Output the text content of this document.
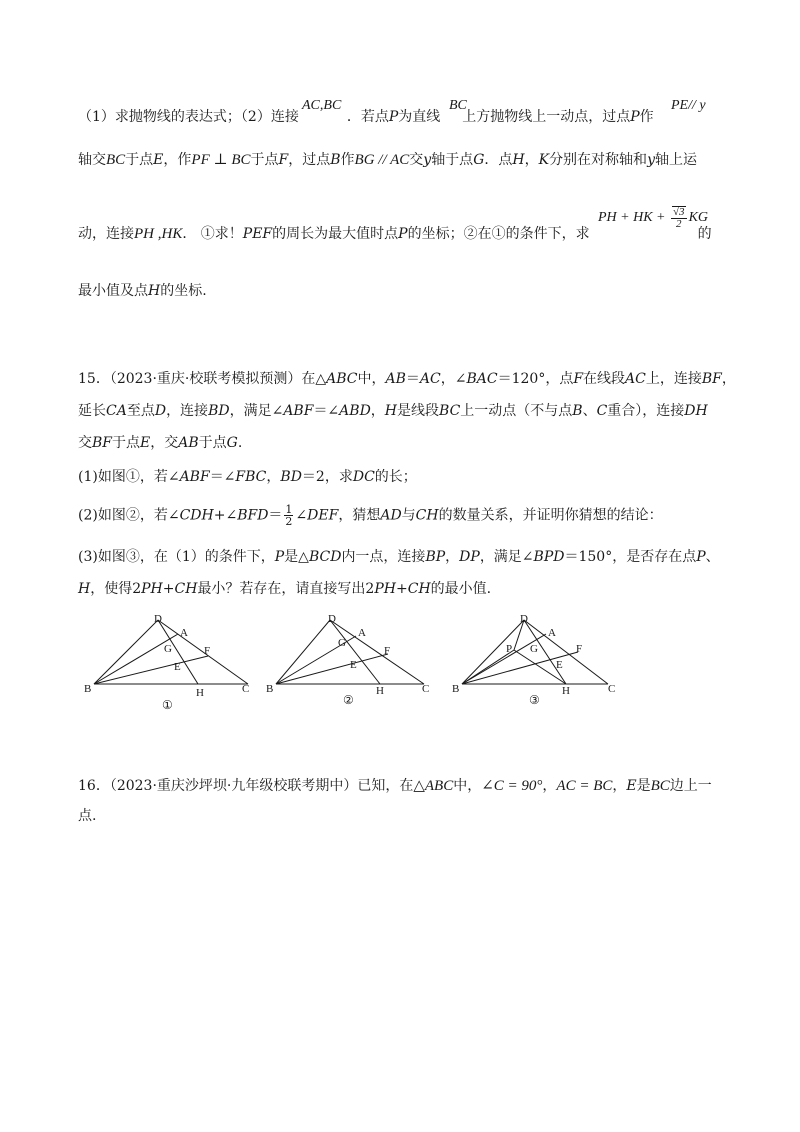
AC,BC	BC	PE// y
（1）求抛物线的表达式；（2）连接	．若点P为直线 上方抛物线上一动点，过点P作
轴交BC于点E，作PF ⊥ BC于点F，过点B作BG // AC交y轴于点G．点H，K分别在对称轴和y轴上运
PH + HK + $\frac{√3}{2}$ KG
动，连接PH ,HK． ①求！PEF的周长为最大值时点P的坐标；②在①的条件下，求	的
最小值及点H的坐标.
15．（2023·重庆·校联考模拟预测）在△ABC中，AB＝AC，∠BAC＝120°，点F在线段AC上，连接BF，
延长CA至点D，连接BD，满足∠ABF＝∠ABD，H是线段BC上一动点（不与点B、C重合），连接DH
交BF于点E，交AB于点G.
(1)如图①，若∠ABF＝∠FBC，BD＝2，求DC的长；
(2)如图②，若∠CDH+∠BFD＝ $\frac{1}{2}$ ∠DEF，猜想AD与CH的数量关系，并证明你猜想的结论：
(3)如图③，在（1）的条件下，P是△BCD内一点，连接BP，DP，满足∠BPD＝150°，是否存在点P、
H，使得2PH+CH最小？若存在，请直接写出2PH+CH的最小值.
D
A
G
E
F
B	H	C
①
D
A
G
E
F
B	H	C
②
D
A
P G
E
F
B	H	C
③
16．（2023·重庆沙坪坝·九年级校联考期中）已知，在△ABC中，∠C = 90°，AC = BC，E是BC边上一
点.
